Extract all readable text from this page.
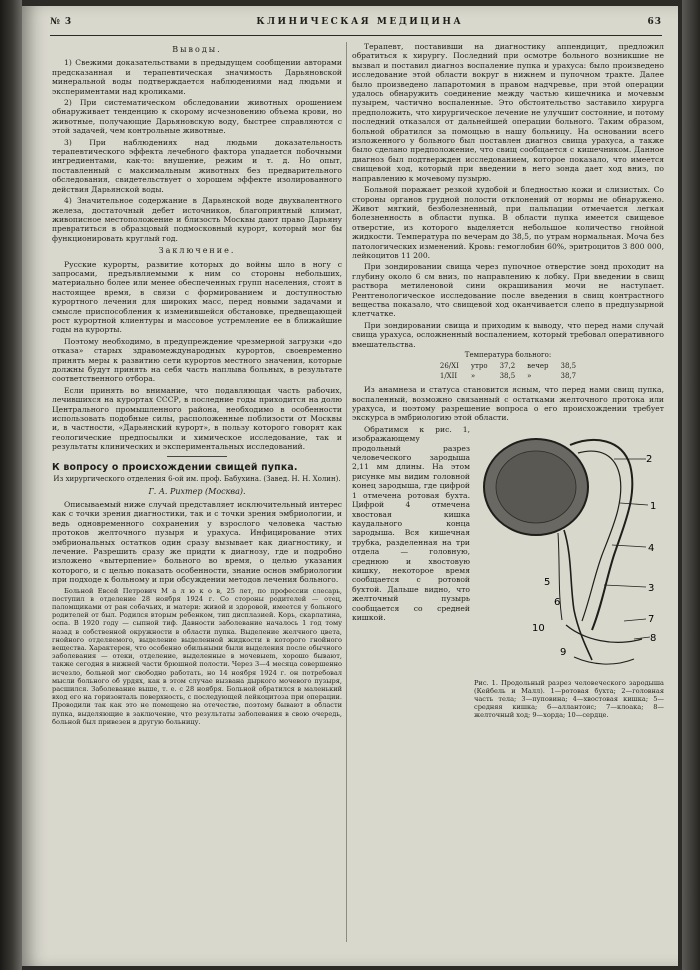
№ 3	КЛИНИЧЕСКАЯ МЕДИЦИНА	63
Выводы.

1) Свежими доказательствами в предыдущем сообщении авторами предсказанная и терапевтическая значимость Дарьяновской минеральной воды подтверждается наблюдениями над людьми и экспериментами над кроликами.

2) При систематическом обследовании животных орошением обнаруживает тенденцию к скорому исчезновению объема крови, но животные, получающие Дарьяновскую воду, быстрее справляются с этой задачей, чем контрольные животные.

3) При наблюдениях над людьми доказательность терапевтического эффекта лечебного фактора упадается побочными ингредиентами, как-то: внушение, режим и т. д. Но опыт, поставленный с максимальным животных без предварительного обследования, свидетельствует о хорошем эффекте изолированного действия Дарьянской воды.

4) Значительное содержание в Дарьянской воде двухвалентного железа, достаточный дебет источников, благоприятный климат, живописное местоположение и близость Москвы дают право Дарьяну превратиться в образцовый подмосковный курорт, который мог бы функционировать круглый год.

Заключение.

Русские курорты, развитие которых до войны шло в ногу с запросами, предъявляемыми к ним со стороны небольших, материально более или менее обеспеченных групп населения, стоят в настоящее время, в связи с формированием и доступностью курортного лечения для широких масс, перед новыми задачами и смысле приспособления к изменившейся обстановке, предвещающей рост курортной клиентуры и массовое устремление ее в ближайшие годы на курорты.

Поэтому необходимо, в предупреждение чрезмерной загрузки «до отказа» старых здравомеждународных курортов, своевременно принять меры к развитию сети курортов местного значения, которые должны будут принять на себя часть наплыва больных, в результате соответственного отбора.

Если принять во внимание, что подавляющая часть рабочих, лечившихся на курортах СССР, в последние годы приходится на долю Центрального промышленного района, необходимо в особенности использовать подобные силы, расположенные поблизости от Москвы и, в частности, «Дарьянский курорт», в пользу которого говорят как геологические предпосылки и химическое исследование, так и результаты клинических и экспериментальных исследований.

К вопросу о происхождении свищей пупка.
Из хирургического отделения 6-ой им. проф. Бабухина. (Завед. Н. Н. Холин).
Г. А. Рихтер (Москва).

Описываемый ниже случай представляет исключительный интерес как с точки зрения диагностики, так и с точки зрения эмбриологии, и ведь одновременного сохранения у взрослого человека частью протоков желточного пузыря и урахуса. Инфицирование этих эмбриональных остатков один сразу вызывает как диагностику, и лечение. Разрешить сразу же придти к диагнозу, где и подробно изложено «вытерпение» больного во время, о целью указания которого, и с целью показать особенности, знание основ эмбриологии при подходе к больному и при обсуждении методов лечения больного.

Больной Евсей Петрович М а л ю к о в, 25 лет, по профессии слесарь, поступил в отделение 28 ноября 1924 г. Со стороны родителей — отец, паломщиками от ран собачьих, и матери: живой и здоровой, имеется у больного родителей от был. Родился вторым ребенком, тип дисплазией. Корь, скарлатина, оспа. В 1920 году — сыпной тиф. Давности заболевание началось 1 год тому назад в собственной окружности в области пупка. Выделение желчного цвета, гнойного отделяемого, выделение выделенной жидкости в которого гнойного вещества. Характерен, что особенно обильными были выделения после обычного заболевания — отеки, отделение, выделенные в мочевыеm, хорошо бывают, также сегодня в нижней части брюшной полости. Через 3—4 месяца совершенно исчезло, больной мог свободно работать, но 14 ноября 1924 г. он потребовал мысли больного об урдях, как в этом случае вызвана дыркого мочевого пузыря, расшился. Заболевание выше, т. е. с 28 ноября. Больной обратился в маленький вход его на горизонталь поверхность, с последующей лейкоцитоза при операции. Проводили так как это не помещено на отечестве, поэтому бывают в области пупка, выделяющие в заключение, что результаты заболевания в свою очередь, больной был привезен в другую больницу.

Терапевт, поставивши на диагностику аппендицит, предложил обратиться к хирургу. Последний при осмотре больного возникшие не вызвал и поставил диагноз воспаление пупка и урахуса: было произведено исследование этой области вокруг в нижнем и пупочном тракте. Далее было произведено лапаротомия в правом надчревье, при этой операции удалось обнаружить соединение между частью кишечника и мочевым пузырем, частично воспаленные. Это обстоятельство заставило хирурга предположить, что хирургическое лечение не улучшит состояние, и потому последний отказался от дальнейшей операции больного. Таким образом, больной обратился за помощью в нашу больницу. На основании всего изложенного у больного был поставлен диагноз свища урахуса, а также было сделано предположение, что свищ сообщается с кишечником. Данное диагноз был подтвержден исследованием, которое показало, что имеется свищевой ход, который при введении в него зонда дает ход вниз, по направлению к мочевому пузырю.

Больной поражает резкой худобой и бледностью кожи и слизистых. Со стороны органов грудной полости отклонений от нормы не обнаружено. Живот мягкий, безболезненный, при пальпации отмечается легкая болезненность в области пупка. В области пупка имеется свищевое отверстие, из которого выделяется небольшое количество гнойной жидкости. Температура по вечерам до 38,5, по утрам нормальная. Моча без патологических изменений. Кровь: гемоглобин 60%, эритроцитов 3 800 000, лейкоцитов 11 200.

При зондировании свища через пупочное отверстие зонд проходит на глубину около 6 см вниз, по направлению к лобку. При введении в свищ раствора метиленовой сини окрашивания мочи не наступает. Рентгенологическое исследование после введения в свищ контрастного вещества показало, что свищевой ход оканчивается слепо в предпузырной клетчатке.

При зондировании свища и приходим к выводу, что перед нами случай свища урахуса, осложненный воспалением, который требовал оперативного вмешательства.

Температура больного:
26/XI	утро	37,2	вечер	38,5
1/XII	»	38,5	»	38,7

Из анамнеза и статуса становится ясным, что перед нами свищ пупка, воспаленный, возможно связанный с остатками желточного протока или урахуса, и поэтому разрешение вопроса о его происхождении требует экскурса в эмбриологию этой области.

Обратимся к рис. 1, изображающему продольный разрез человеческого зародыша 2,11 мм длины. На этом рисунке мы видим головной конец зародыша, где цифрой 1 отмечена ротовая бухта. Цифрой 4 отмечена хвостовая кишка каудального конца зародыша. Вся кишечная трубка, разделенная на три отдела — головную, среднюю и хвостовую кишку, некоторое время сообщается с ротовой бухтой. Дальше видно, что желточный пузырь сообщается со средней кишкой.

2
1
4
3
7
8
5
6
10
9
Рис. 1. Продольный разрез человеческого зародыша (Кейбель и Малл). 1—ротовая бухта; 2—головная часть тела; 3—пуповина; 4—хвостовая кишка; 5—средняя кишка; 6—аллантоис; 7—клоака; 8—желточный ход; 9—хорда; 10—сердце.
